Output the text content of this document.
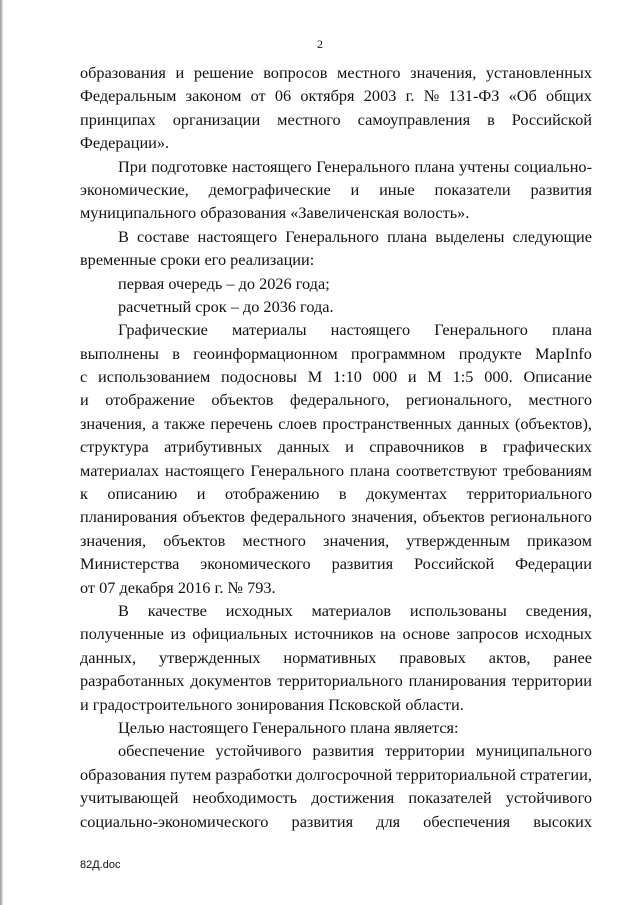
2
образования и решение вопросов местного значения, установленных
Федеральным законом от 06 октября 2003 г. № 131-ФЗ «Об общих
принципах организации местного самоуправления в Российской
Федерации».
При подготовке настоящего Генерального плана учтены социально-
экономические, демографические и иные показатели развития
муниципального образования «Завеличенская волость».
В составе настоящего Генерального плана выделены следующие
временные сроки его реализации:
первая очередь – до 2026 года;
расчетный срок – до 2036 года.
Графические материалы настоящего Генерального плана
выполнены в геоинформационном программном продукте MapInfo
с использованием подосновы М 1:10 000 и М 1:5 000. Описание
и отображение объектов федерального, регионального, местного
значения, а также перечень слоев пространственных данных (объектов),
структура атрибутивных данных и справочников в графических
материалах настоящего Генерального плана соответствуют требованиям
к описанию и отображению в документах территориального
планирования объектов федерального значения, объектов регионального
значения, объектов местного значения, утвержденным приказом
Министерства экономического развития Российской Федерации
от 07 декабря 2016 г. № 793.
В качестве исходных материалов использованы сведения,
полученные из официальных источников на основе запросов исходных
данных, утвержденных нормативных правовых актов, ранее
разработанных документов территориального планирования территории
и градостроительного зонирования Псковской области.
Целью настоящего Генерального плана является:
обеспечение устойчивого развития территории муниципального
образования путем разработки долгосрочной территориальной стратегии,
учитывающей необходимость достижения показателей устойчивого
социально-экономического развития для обеспечения высоких
82Д.doc
